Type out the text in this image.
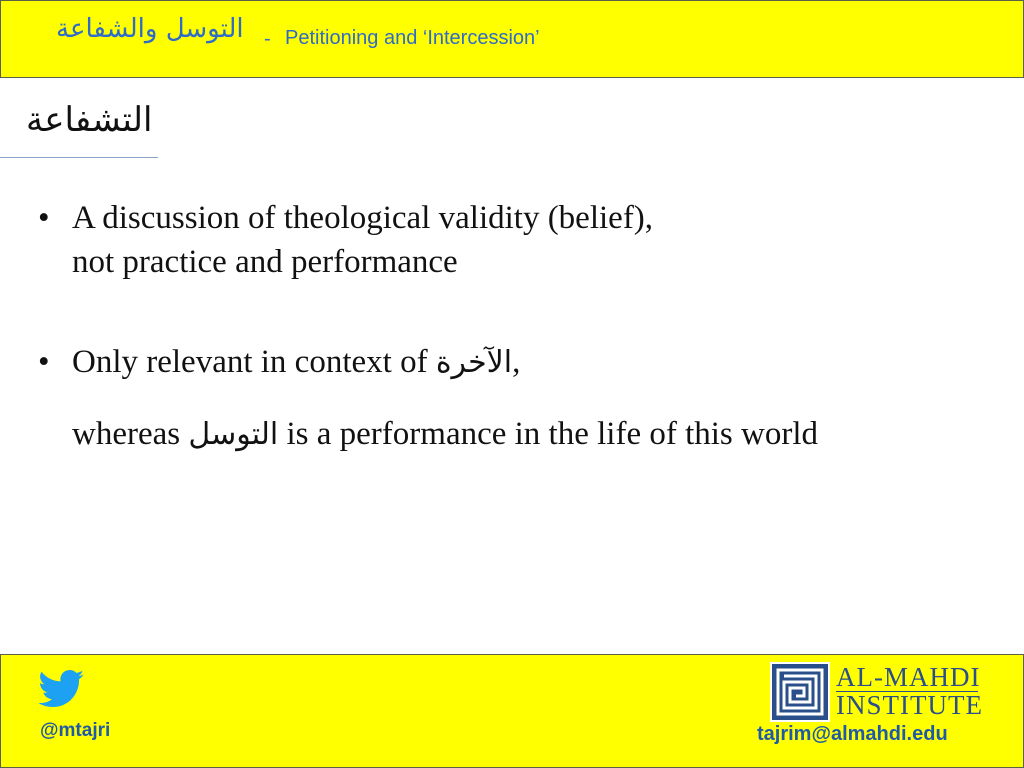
التوسل والشفاعة - Petitioning and ‘Intercession’
التشفاعة
• A discussion of theological validity (belief),
not practice and performance
• Only relevant in context of الآخرة,
whereas التوسل is a performance in the life of this world
@mtajri
AL-MAHDI
INSTITUTE
tajrim@almahdi.edu
